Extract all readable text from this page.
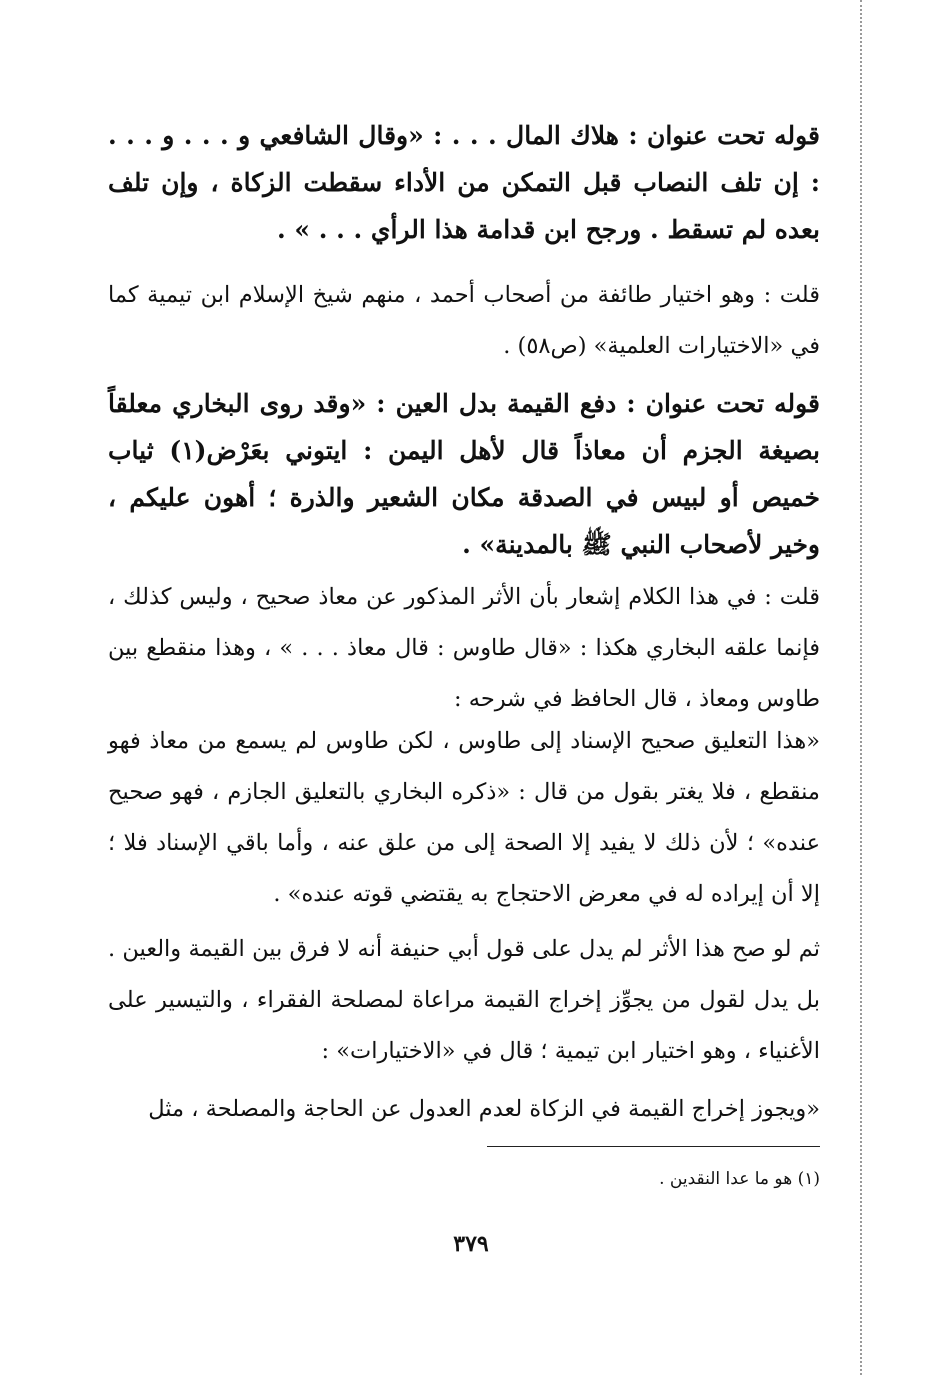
قوله تحت عنوان : هلاك المال . . . : «وقال الشافعي و . . . و . . . : إن تلف النصاب قبل التمكن من الأداء سقطت الزكاة ، وإن تلف بعده لم تسقط . ورجح ابن قدامة هذا الرأي . . . » .

قلت : وهو اختيار طائفة من أصحاب أحمد ، منهم شيخ الإسلام ابن تيمية كما في «الاختيارات العلمية» (ص٥٨) .

قوله تحت عنوان : دفع القيمة بدل العين : «وقد روى البخاري معلقاً بصيغة الجزم أن معاذاً قال لأهل اليمن : ايتوني بعَرْض(١) ثياب خميص أو لبيس في الصدقة مكان الشعير والذرة ؛ أهون عليكم ، وخير لأصحاب النبي ﷺ بالمدينة» .

قلت : في هذا الكلام إشعار بأن الأثر المذكور عن معاذ صحيح ، وليس كذلك ، فإنما علقه البخاري هكذا : «قال طاوس : قال معاذ . . . » ، وهذا منقطع بين طاوس ومعاذ ، قال الحافظ في شرحه :

«هذا التعليق صحيح الإسناد إلى طاوس ، لكن طاوس لم يسمع من معاذ فهو منقطع ، فلا يغتر بقول من قال : «ذكره البخاري بالتعليق الجازم ، فهو صحيح عنده» ؛ لأن ذلك لا يفيد إلا الصحة إلى من علق عنه ، وأما باقي الإسناد فلا ؛ إلا أن إيراده له في معرض الاحتجاج به يقتضي قوته عنده» .

ثم لو صح هذا الأثر لم يدل على قول أبي حنيفة أنه لا فرق بين القيمة والعين . بل يدل لقول من يجوِّز إخراج القيمة مراعاة لمصلحة الفقراء ، والتيسير على الأغنياء ، وهو اختيار ابن تيمية ؛ قال في «الاختيارات» :

«ويجوز إخراج القيمة في الزكاة لعدم العدول عن الحاجة والمصلحة ، مثل

(١) هو ما عدا النقدين .

٣٧٩
